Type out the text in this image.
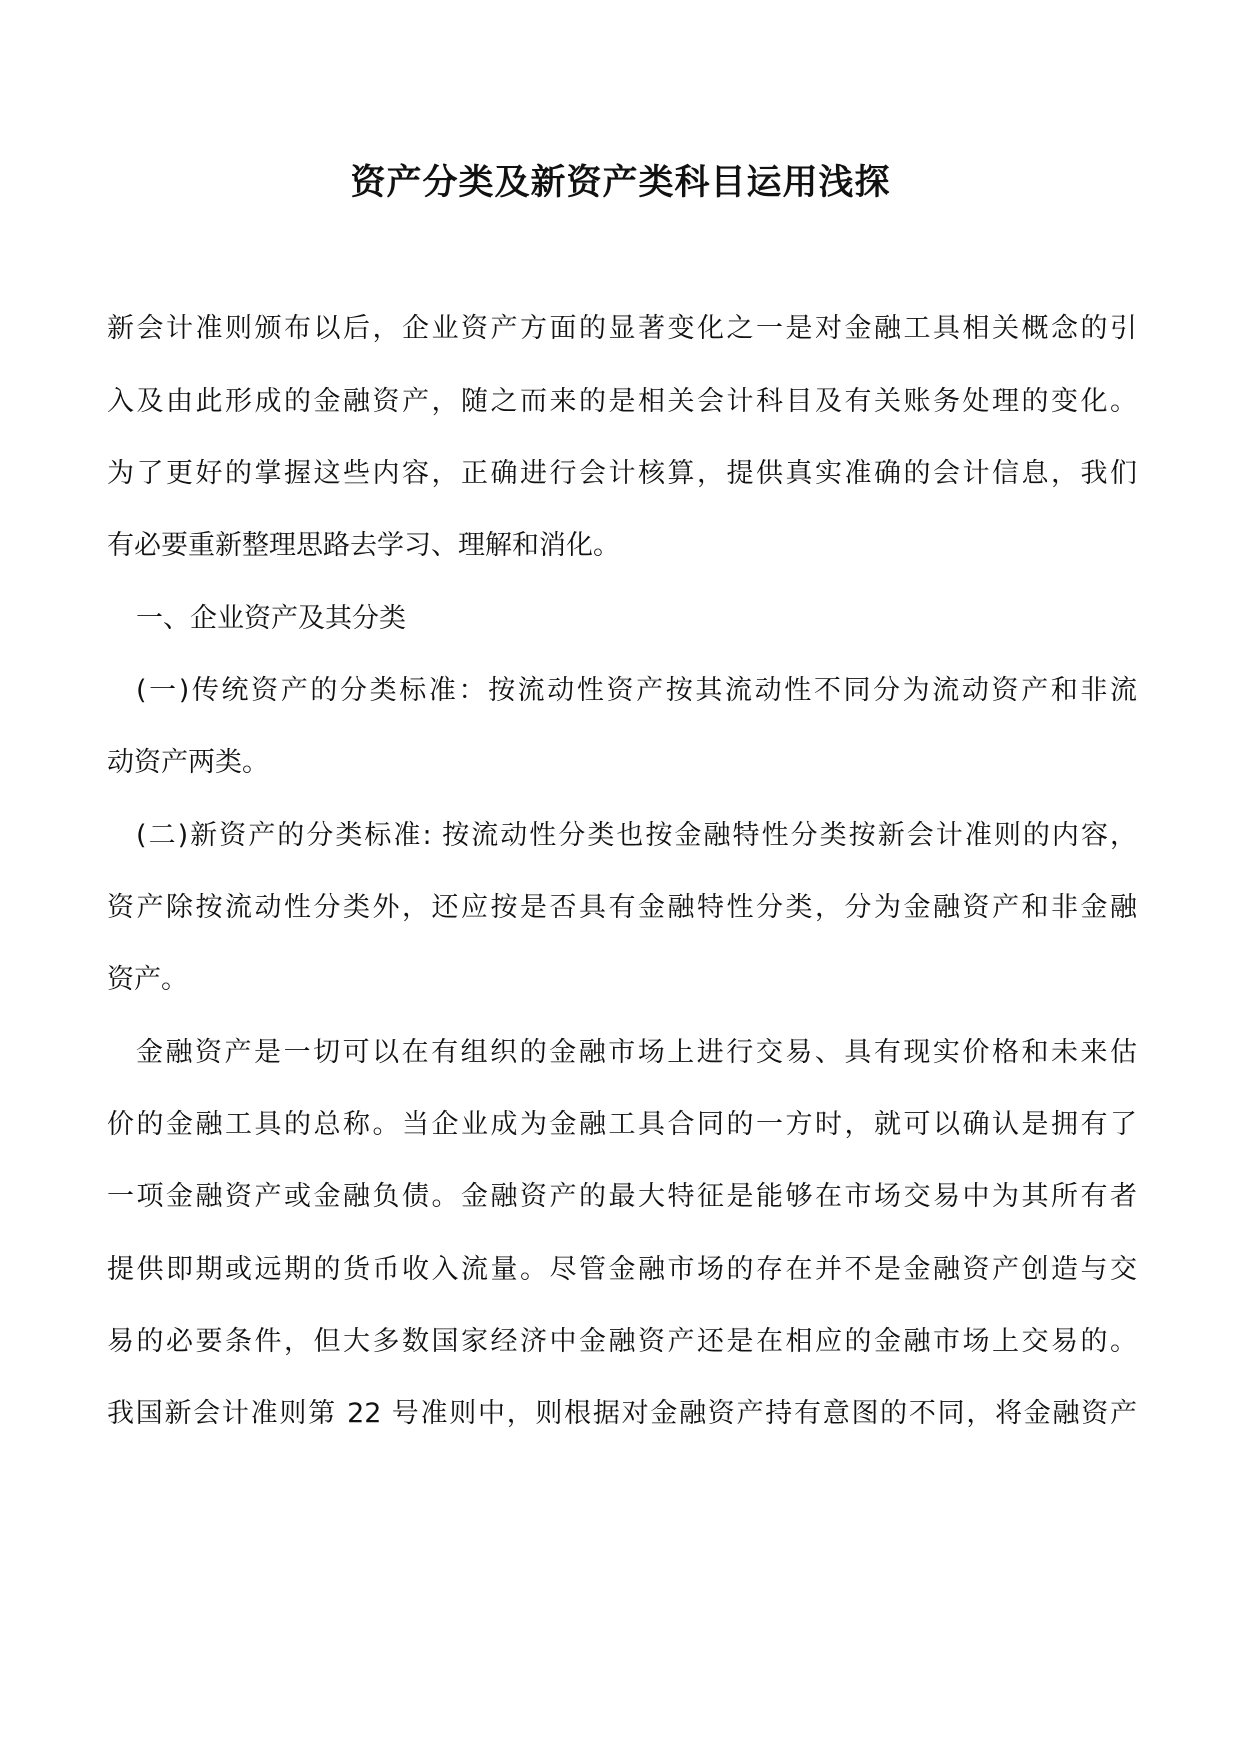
资产分类及新资产类科目运用浅探

新会计准则颁布以后，企业资产方面的显著变化之一是对金融工具相关概念的引

入及由此形成的金融资产，随之而来的是相关会计科目及有关账务处理的变化。

为了更好的掌握这些内容，正确进行会计核算，提供真实准确的会计信息，我们

有必要重新整理思路去学习、理解和消化。

一、企业资产及其分类

(一)传统资产的分类标准：按流动性资产按其流动性不同分为流动资产和非流

动资产两类。

(二)新资产的分类标准: 按流动性分类也按金融特性分类按新会计准则的内容，

资产除按流动性分类外，还应按是否具有金融特性分类，分为金融资产和非金融

资产。

金融资产是一切可以在有组织的金融市场上进行交易、具有现实价格和未来估

价的金融工具的总称。当企业成为金融工具合同的一方时，就可以确认是拥有了

一项金融资产或金融负债。金融资产的最大特征是能够在市场交易中为其所有者

提供即期或远期的货币收入流量。尽管金融市场的存在并不是金融资产创造与交

易的必要条件，但大多数国家经济中金融资产还是在相应的金融市场上交易的。

我国新会计准则第 22 号准则中，则根据对金融资产持有意图的不同，将金融资产
